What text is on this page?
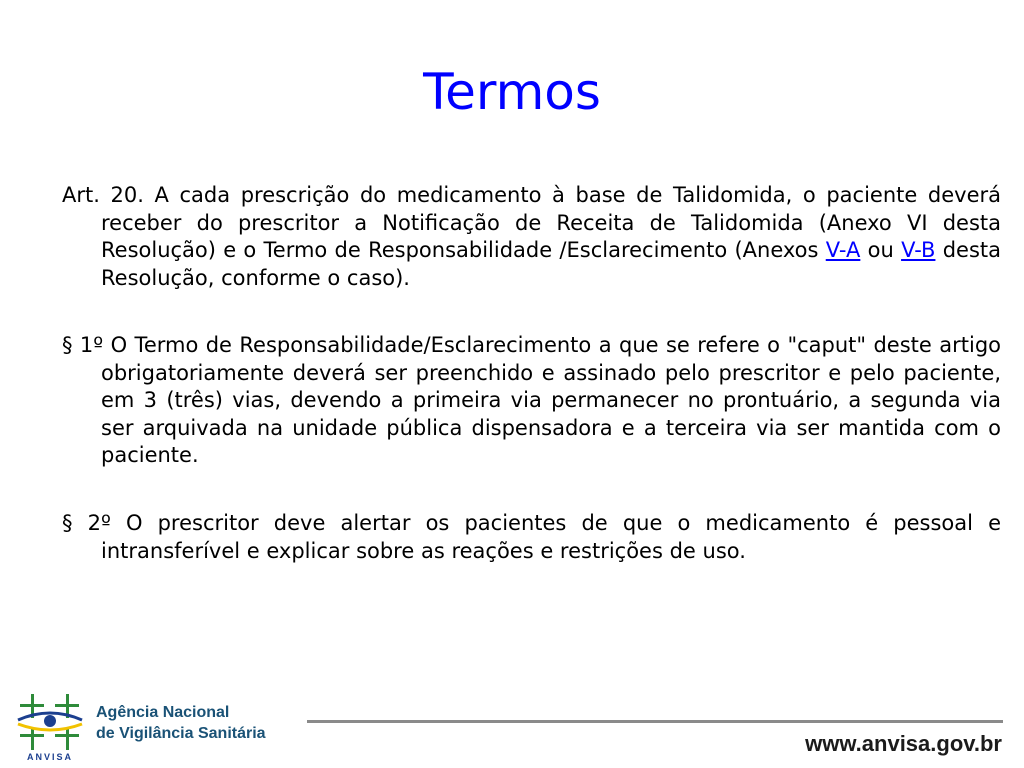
Termos
Art. 20. A cada prescrição do medicamento à base de Talidomida, o paciente deverá receber do prescritor a Notificação de Receita de Talidomida (Anexo VI desta Resolução) e o Termo de Responsabilidade /Esclarecimento (Anexos V-A ou V-B desta Resolução, conforme o caso).
§ 1º O Termo de Responsabilidade/Esclarecimento a que se refere o "caput" deste artigo obrigatoriamente deverá ser preenchido e assinado pelo prescritor e pelo paciente, em 3 (três) vias, devendo a primeira via permanecer no prontuário, a segunda via ser arquivada na unidade pública dispensadora e a terceira via ser mantida com o paciente.
§ 2º O prescritor deve alertar os pacientes de que o medicamento é pessoal e intransferível e explicar sobre as reações e restrições de uso.
ANVISA
Agência Nacional
de Vigilância Sanitária	www.anvisa.gov.br
